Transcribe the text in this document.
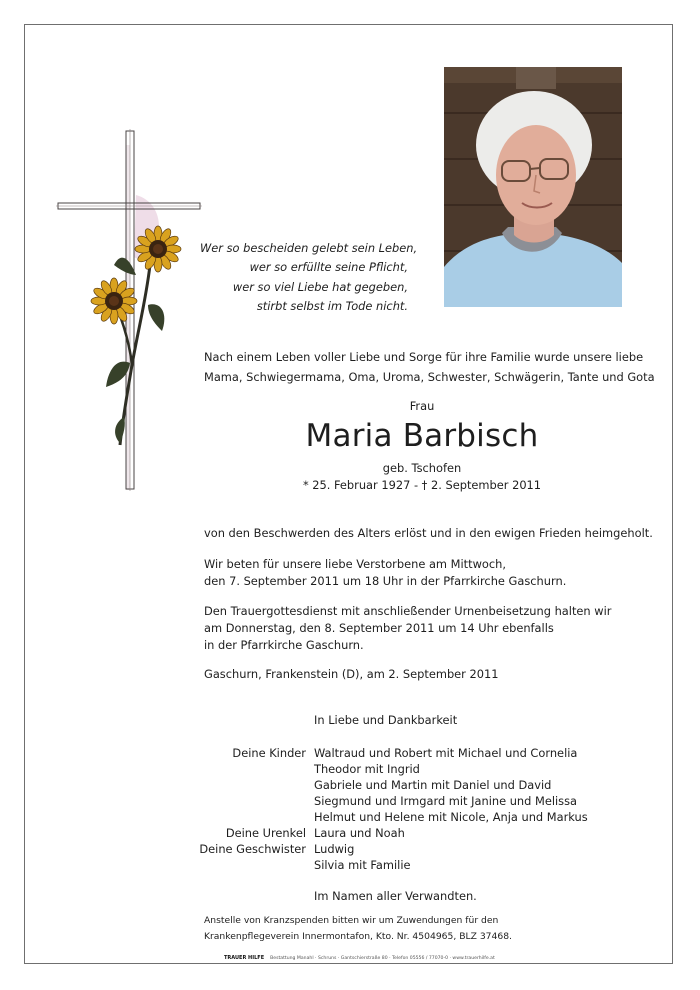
Wer so bescheiden gelebt sein Leben,
wer so erfüllte seine Pflicht,
wer so viel Liebe hat gegeben,
stirbt selbst im Tode nicht.
Nach einem Leben voller Liebe und Sorge für ihre Familie wurde unsere liebe
Mama, Schwiegermama, Oma, Uroma, Schwester, Schwägerin, Tante und Gota
Frau
Maria Barbisch
geb. Tschofen
* 25. Februar 1927 - † 2. September 2011
von den Beschwerden des Alters erlöst und in den ewigen Frieden heimgeholt.
Wir beten für unsere liebe Verstorbene am Mittwoch,
den 7. September 2011 um 18 Uhr in der Pfarrkirche Gaschurn.
Den Trauergottesdienst mit anschließender Urnenbeisetzung halten wir
am Donnerstag, den 8. September 2011 um 14 Uhr ebenfalls
in der Pfarrkirche Gaschurn.
Gaschurn, Frankenstein (D), am 2. September 2011
In Liebe und Dankbarkeit
Deine Kinder Waltraud und Robert mit Michael und Cornelia
Theodor mit Ingrid
Gabriele und Martin mit Daniel und David
Siegmund und Irmgard mit Janine und Melissa
Helmut und Helene mit Nicole, Anja und Markus
Deine Urenkel Laura und Noah
Deine Geschwister Ludwig
Silvia mit Familie
Im Namen aller Verwandten.
Anstelle von Kranzspenden bitten wir um Zuwendungen für den
Krankenpflegeverein Innermontafon, Kto. Nr. 4504965, BLZ 37468.
TRAUER HILFE Bestattung Manahl · Schruns · Gantschierstraße 80 · Telefon 05556 / 77070-0 · www.trauerhilfe.at
